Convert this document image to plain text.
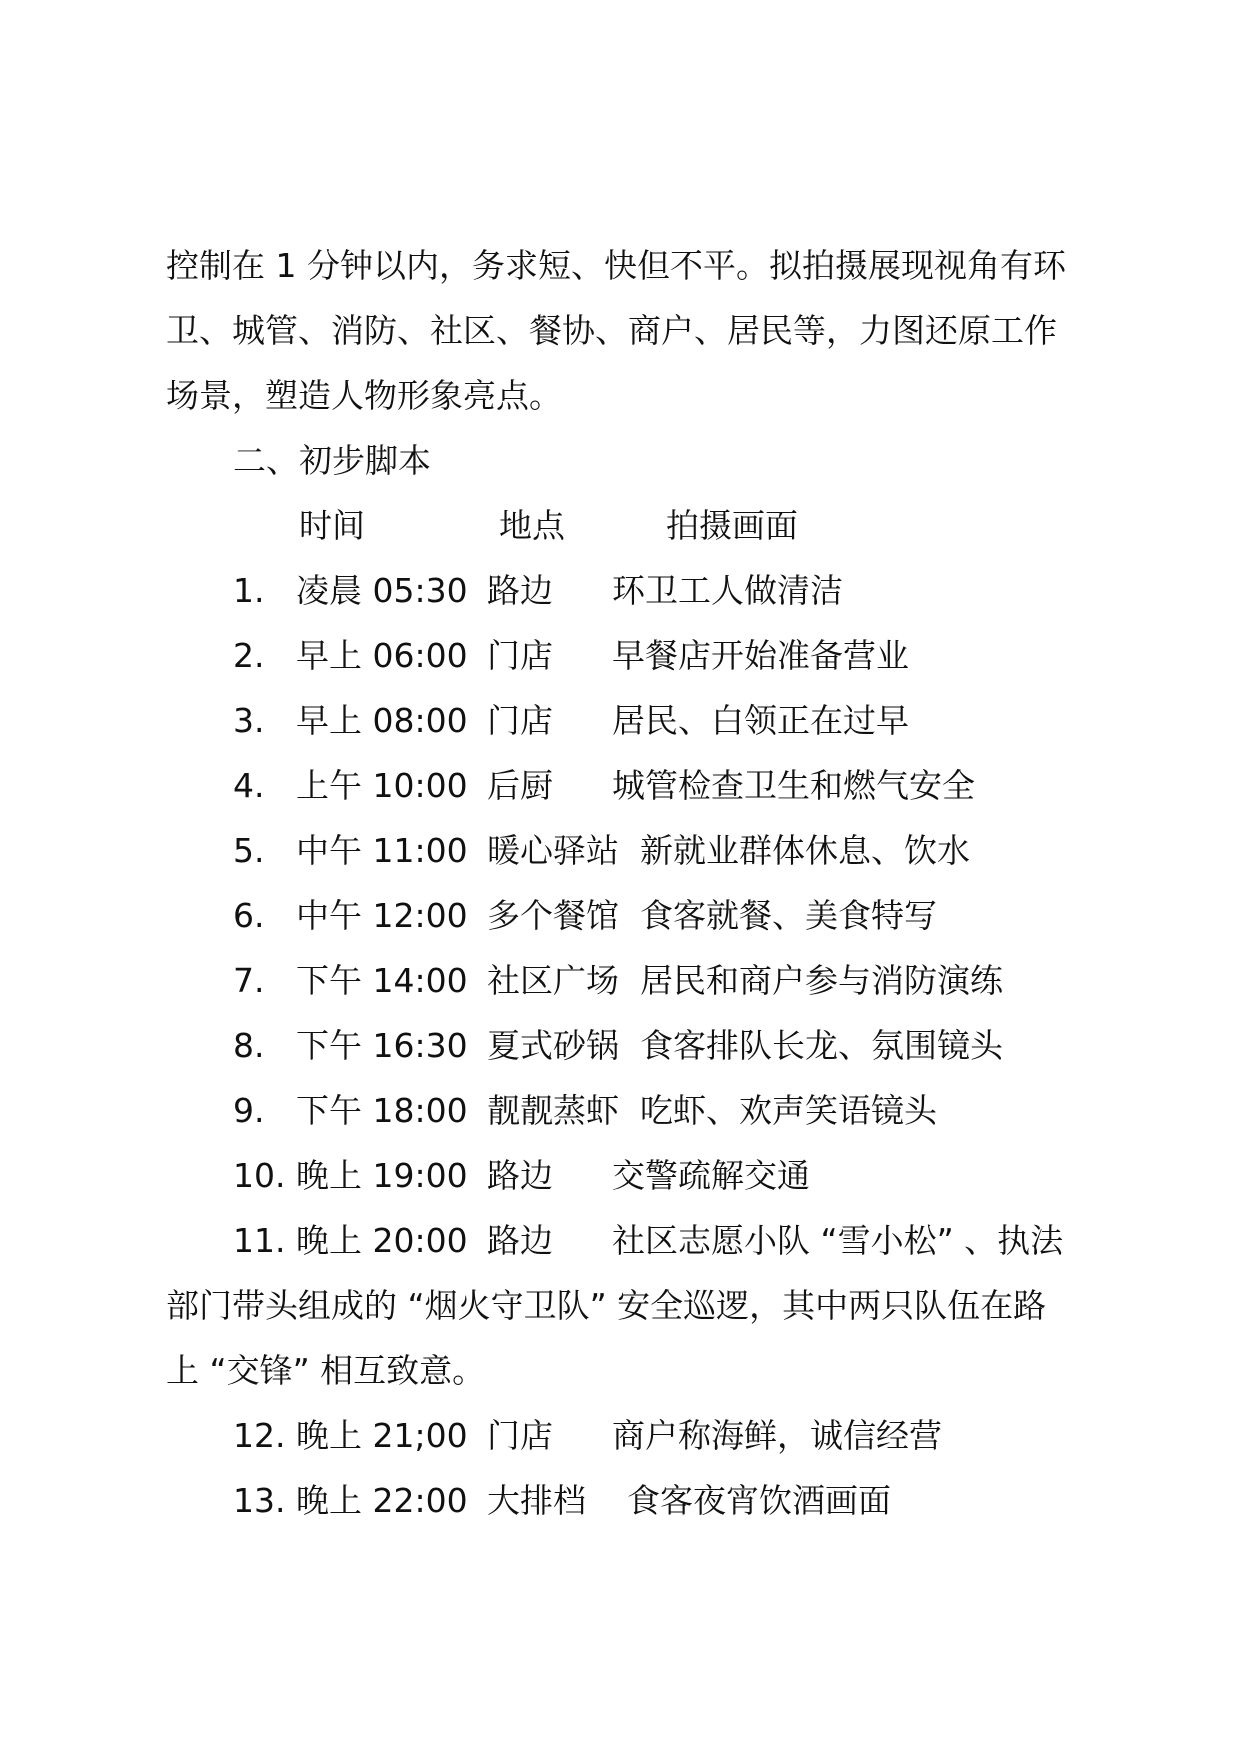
控制在 1 分钟以内，务求短、快但不平。拟拍摄展现视角有环
卫、城管、消防、社区、餐协、商户、居民等，力图还原工作
场景，塑造人物形象亮点。
二、初步脚本
时间	地点	拍摄画面
1. 凌晨 05:30 路边 环卫工人做清洁
2. 早上 06:00 门店 早餐店开始准备营业
3. 早上 08:00 门店 居民、白领正在过早
4. 上午 10:00 后厨 城管检查卫生和燃气安全
5. 中午 11:00 暖心驿站 新就业群体休息、饮水
6. 中午 12:00 多个餐馆 食客就餐、美食特写
7. 下午 14:00 社区广场 居民和商户参与消防演练
8. 下午 16:30 夏式砂锅 食客排队长龙、氛围镜头
9. 下午 18:00 靓靓蒸虾 吃虾、欢声笑语镜头
10. 晚上 19:00 路边 交警疏解交通
11. 晚上 20:00 路边 社区志愿小队 “雪小松” 、执法
部门带头组成的 “烟火守卫队” 安全巡逻，其中两只队伍在路
上 “交锋” 相互致意。
12. 晚上 21;00 门店 商户称海鲜，诚信经营
13. 晚上 22:00 大排档 食客夜宵饮酒画面
